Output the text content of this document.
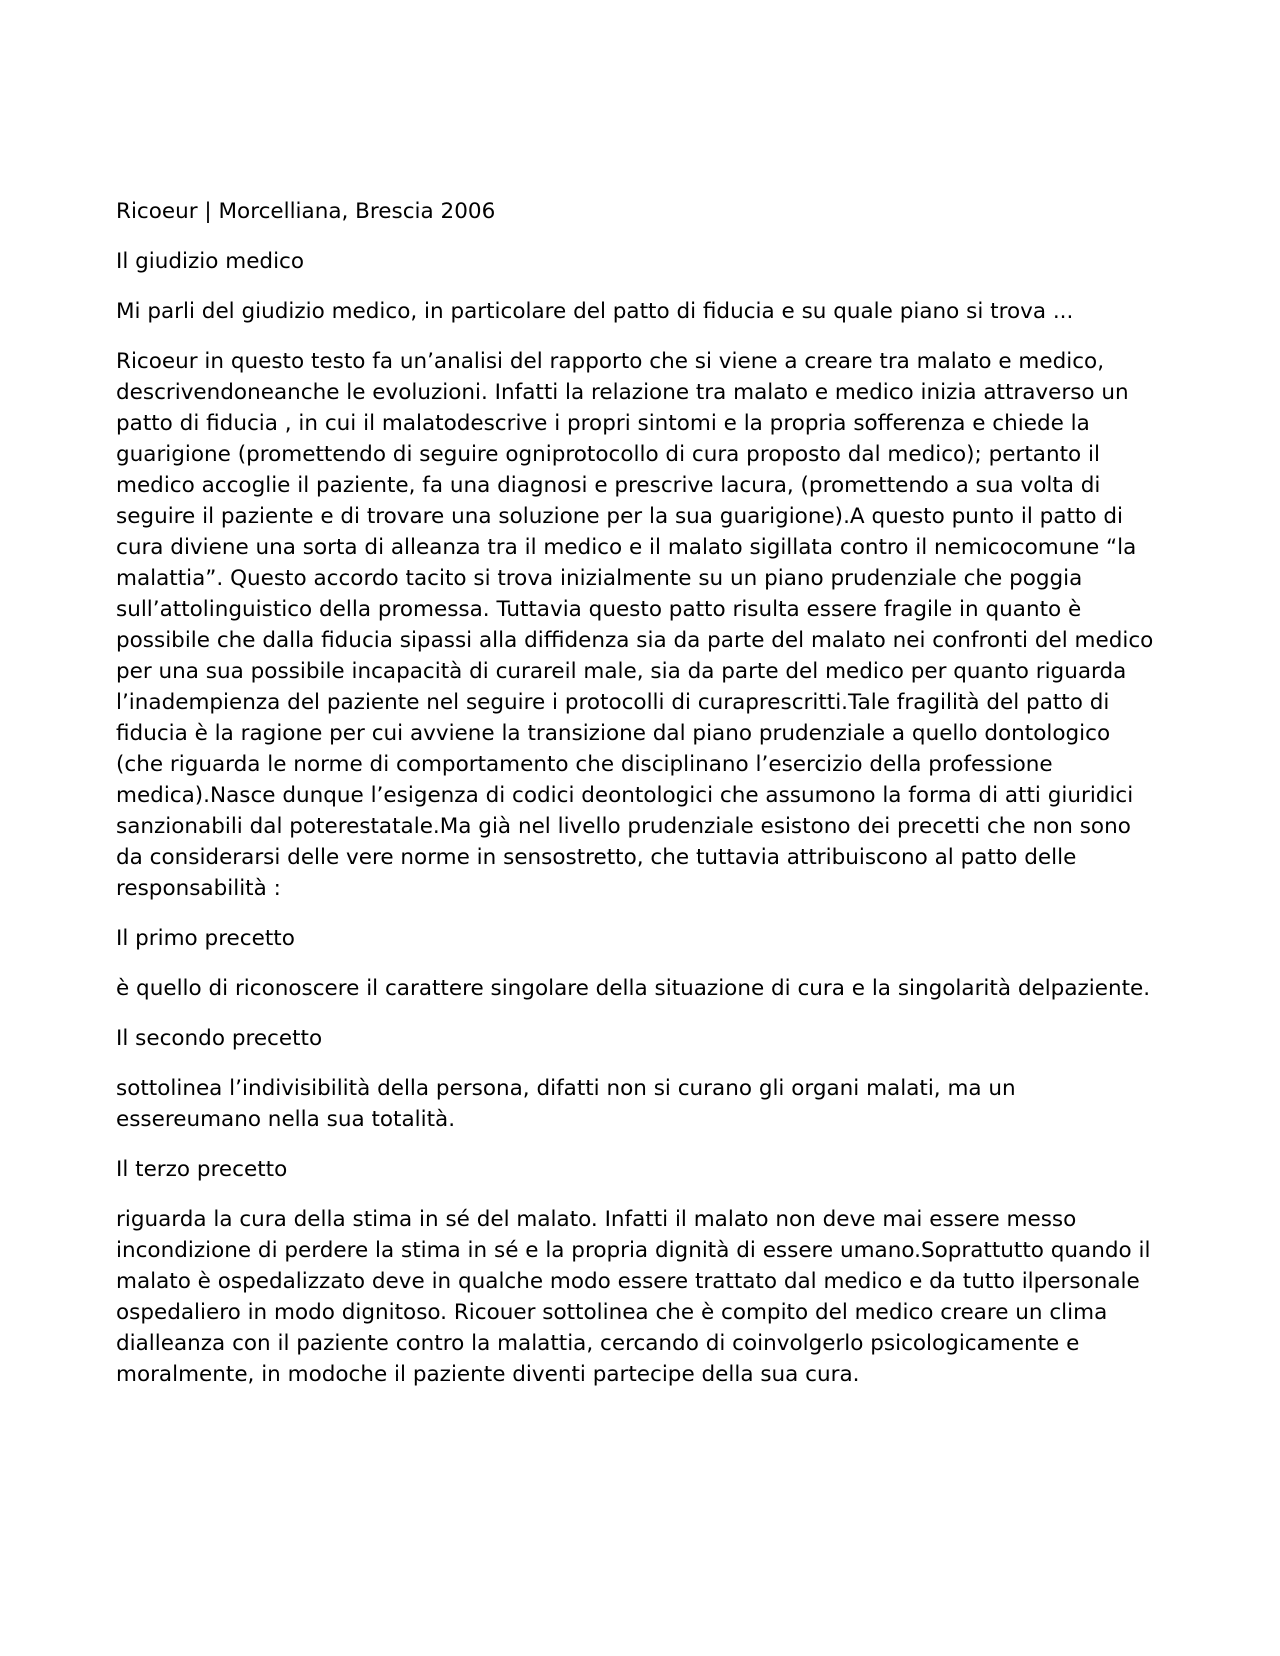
Ricoeur | Morcelliana, Brescia 2006

Il giudizio medico

Mi parli del giudizio medico, in particolare del patto di fiducia e su quale piano si trova ...

Ricoeur in questo testo fa un’analisi del rapporto che si viene a creare tra malato e medico, descrivendoneanche le evoluzioni. Infatti la relazione tra malato e medico inizia attraverso un patto di fiducia , in cui il malatodescrive i propri sintomi e la propria sofferenza e chiede la guarigione (promettendo di seguire ogniprotocollo di cura proposto dal medico); pertanto il medico accoglie il paziente, fa una diagnosi e prescrive lacura, (promettendo a sua volta di seguire il paziente e di trovare una soluzione per la sua guarigione).A questo punto il patto di cura diviene una sorta di alleanza tra il medico e il malato sigillata contro il nemicocomune “la malattia”. Questo accordo tacito si trova inizialmente su un piano prudenziale che poggia sull’attolinguistico della promessa. Tuttavia questo patto risulta essere fragile in quanto è possibile che dalla fiducia sipassi alla diffidenza sia da parte del malato nei confronti del medico per una sua possibile incapacità di curareil male, sia da parte del medico per quanto riguarda l’inadempienza del paziente nel seguire i protocolli di curaprescritti.Tale fragilità del patto di fiducia è la ragione per cui avviene la transizione dal piano prudenziale a quello dontologico (che riguarda le norme di comportamento che disciplinano l’esercizio della professione medica).Nasce dunque l’esigenza di codici deontologici che assumono la forma di atti giuridici sanzionabili dal poterestatale.Ma già nel livello prudenziale esistono dei precetti che non sono da considerarsi delle vere norme in sensostretto, che tuttavia attribuiscono al patto delle responsabilità :

Il primo precetto

è quello di riconoscere il carattere singolare della situazione di cura e la singolarità delpaziente.

Il secondo precetto

sottolinea l’indivisibilità della persona, difatti non si curano gli organi malati, ma un essereumano nella sua totalità.

Il terzo precetto

riguarda la cura della stima in sé del malato. Infatti il malato non deve mai essere messo incondizione di perdere la stima in sé e la propria dignità di essere umano.Soprattutto quando il malato è ospedalizzato deve in qualche modo essere trattato dal medico e da tutto ilpersonale ospedaliero in modo dignitoso. Ricouer sottolinea che è compito del medico creare un clima dialleanza con il paziente contro la malattia, cercando di coinvolgerlo psicologicamente e moralmente, in modoche il paziente diventi partecipe della sua cura.
